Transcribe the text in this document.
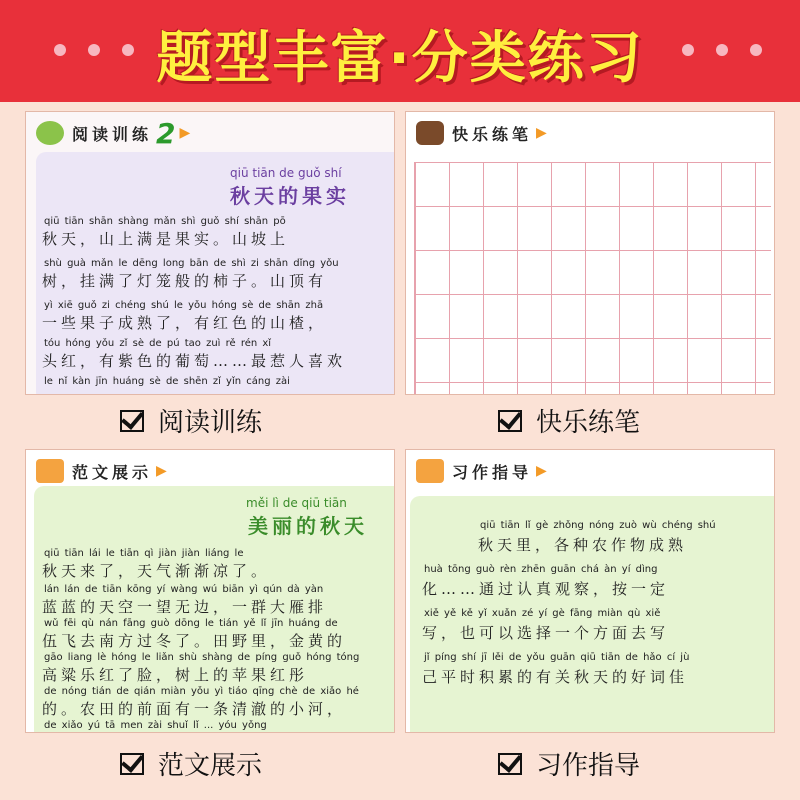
题型丰富·分类练习
阅读训练 2 ▶
qiū tiān de guǒ shí
秋天的果实
qiū tiān shān shàng mǎn shì guǒ shí shān pō
秋天，山上满是果实。山坡上
shù guà mǎn le dēng long bān de shì zi shān dǐng yǒu
树，挂满了灯笼般的柿子。山顶有
yì xiē guǒ zi chéng shú le yǒu hóng sè de shān zhā
一些果子成熟了，有红色的山楂，
tóu hóng yǒu zǐ sè de pú tao zuì rě rén xǐ
头红，有紫色的葡萄……最惹人喜欢
le nǐ kàn jīn huáng sè de shēn zǐ yǐn cáng zài
快乐练笔 ▶
范文展示 ▶
měi lì de qiū tiān
美丽的秋天
qiū tiān lái le tiān qì jiàn jiàn liáng le
秋天来了，天气渐渐凉了。
lán lán de tiān kōng yí wàng wú biān yì qún dà yàn
蓝蓝的天空一望无边，一群大雁排
wǔ fēi qù nán fāng guò dōng le tián yě lǐ jīn huáng de
伍飞去南方过冬了。田野里，金黄的
gāo liang lè hóng le liǎn shù shàng de píng guǒ hóng tóng
高粱乐红了脸，树上的苹果红彤
de nóng tián de qián miàn yǒu yì tiáo qīng chè de xiǎo hé
的。农田的前面有一条清澈的小河，
de xiǎo yú tā men zài shuǐ lǐ ... yóu yǒng
习作指导 ▶
qiū tiān lǐ gè zhǒng nóng zuò wù chéng shú
秋天里，各种农作物成熟
huà tōng guò rèn zhēn guān chá àn yí dìng
化……通过认真观察，按一定
xiě yě kě yǐ xuǎn zé yí gè fāng miàn qù xiě
写，也可以选择一个方面去写
jǐ píng shí jī lěi de yǒu guān qiū tiān de hǎo cí jù
己平时积累的有关秋天的好词佳
阅读训练	快乐练笔
范文展示	习作指导
